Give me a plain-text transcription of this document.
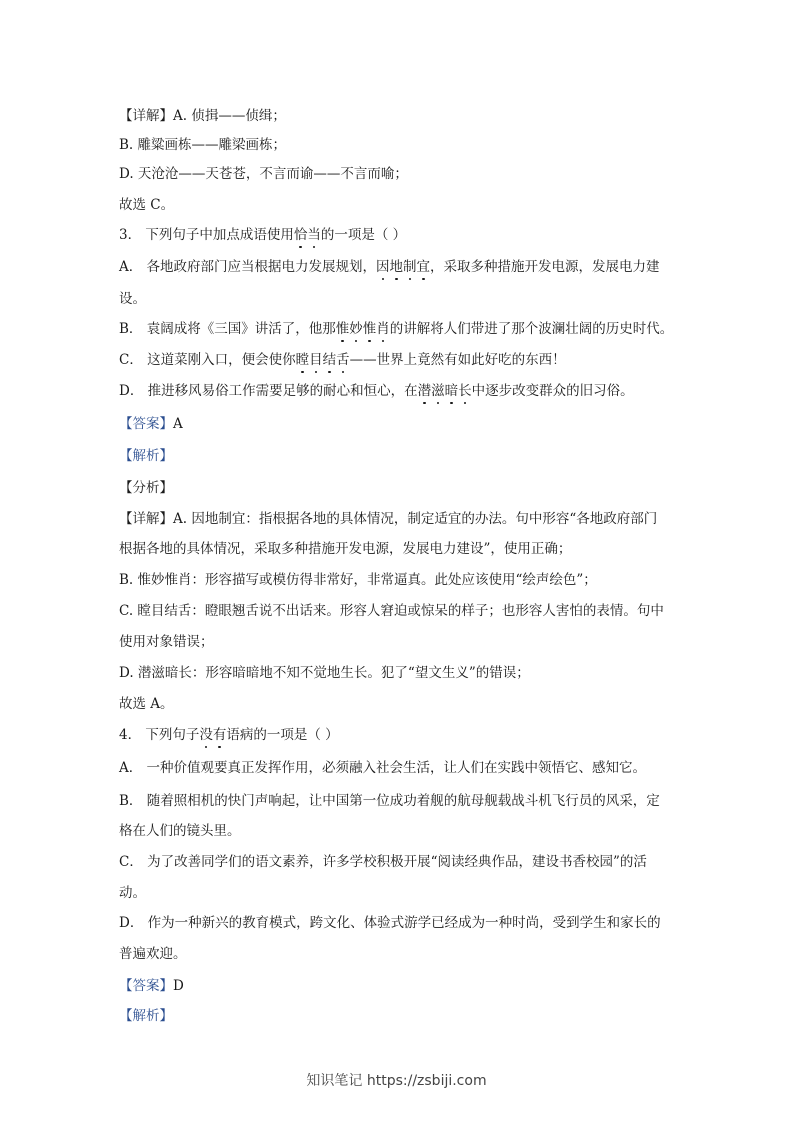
【详解】A. 侦揖——侦缉；
B. 雕粱画栋——雕梁画栋；
D. 天沧沧——天苍苍，不言而谕——不言而喻；
故选 C。
3． 下列句子中加点成语使用恰当的一项是（ ）
A． 各地政府部门应当根据电力发展规划，因地制宜，采取多种措施开发电源，发展电力建
设。
B． 袁阔成将《三国》讲活了，他那惟妙惟肖的讲解将人们带进了那个波澜壮阔的历史时代。
C． 这道菜刚入口，便会使你瞠目结舌——世界上竟然有如此好吃的东西！
D． 推进移风易俗工作需要足够的耐心和恒心，在潜滋暗长中逐步改变群众的旧习俗。
【答案】A
【解析】
【分析】
【详解】A. 因地制宜：指根据各地的具体情况，制定适宜的办法。句中形容“各地政府部门
根据各地的具体情况，采取多种措施开发电源，发展电力建设”，使用正确；
B. 惟妙惟肖：形容描写或模仿得非常好，非常逼真。此处应该使用“绘声绘色”；
C. 瞠目结舌：瞪眼翘舌说不出话来。形容人窘迫或惊呆的样子；也形容人害怕的表情。句中
使用对象错误；
D. 潜滋暗长：形容暗暗地不知不觉地生长。犯了“望文生义”的错误；
故选 A。
4． 下列句子没有语病的一项是（ ）
A． 一种价值观要真正发挥作用，必须融入社会生活，让人们在实践中领悟它、感知它。
B． 随着照相机的快门声响起，让中国第一位成功着舰的航母舰载战斗机飞行员的风采，定
格在人们的镜头里。
C． 为了改善同学们的语文素养，许多学校积极开展“阅读经典作品，建设书香校园”的活
动。
D． 作为一种新兴的教育模式，跨文化、体验式游学已经成为一种时尚，受到学生和家长的
普遍欢迎。
【答案】D
【解析】
知识笔记 https://zsbiji.com
